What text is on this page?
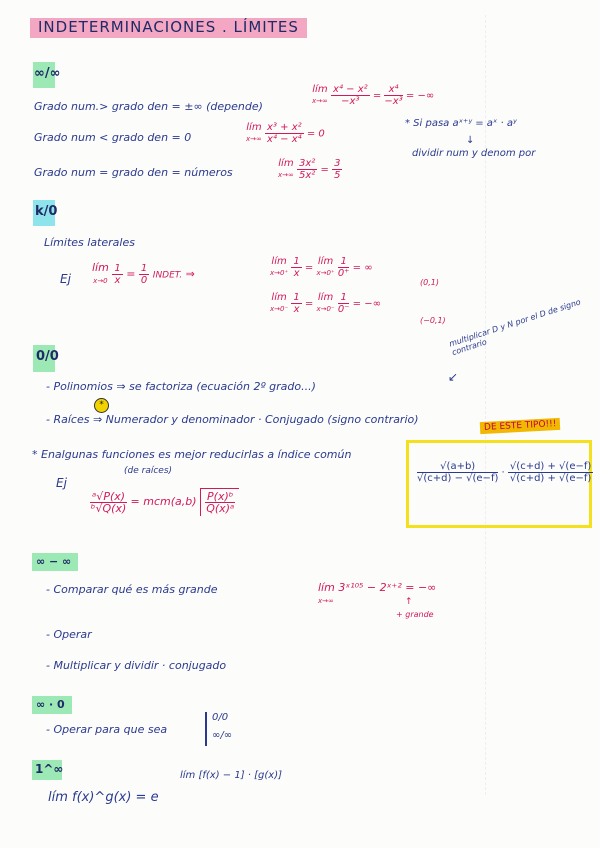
INDETERMINACIONES . LÍMITES
∞/∞
Grado num.> grado den = ±∞ (depende)
lím
$x\to\infty \frac{\text{x⁴ − x²}}{\text{−x³}} = \frac{\text{x⁴}}{\text{−x³}}$ = −∞
Grado num < grado den = 0
lím
$x\to\infty \frac{\text{x³ + x²}}{\text{x⁴ − x⁴}} = 0$
* Si pasa aˣ⁺ʸ = aˣ · aʸ
↓
dividir num y denom por
Grado num = grado den = números
lím
$x\to\infty \frac{\text{3x²}}{\text{5x²}} = \frac{3}{5}$
k/0
Límites laterales
Ej
lím
$x\to 0 \frac{1}{x} = \frac{1}{0}$ INDET. ⇒
lím
$x\to 0^+ \frac{1}{x}$ = lím
$x\to 0^+ \frac{1}{0^+}$ = ∞
(0,1)
lím
$x\to 0^- \frac{1}{x}$ = lím
$x\to 0^- \frac{1}{0^-}$ = −∞
(−0,1)
0/0
multiplicar D y N por el D de signo contrario
↙
- Polinomios ⇒ se factoriza (ecuación 2º grado...)
*
- Raíces ⇒ Numerador y denominador · Conjugado (signo contrario)	DE ESTE TIPO!!!
* Enalgunas funciones es mejor reducirlas a índice común
(de raíces)
Ej
$\frac{\text{ᵃ√P(x)}}{\text{ᵇ√Q(x)}} = mcm(a,b) \frac{\text{P(x)ᵇ}}{\text{Q(x)ᵃ}}$
$\frac{√(a+b)}{√(c+d) - √(e-f)} \cdot \frac{√(c+d) + √(e-f)}{√(c+d) + √(e-f)}$
∞ − ∞
- Comparar qué es más grande	lím 3ˣ¹⁰⁵ − 2ˣ⁺² = −∞
x→∞	↑
+ grande
- Operar
- Multiplicar y dividir · conjugado
∞ · 0
- Operar para que sea
0/0
∞/∞
1^∞
lím f(x)^g(x) = e
lím [f(x) − 1] · [g(x)]
